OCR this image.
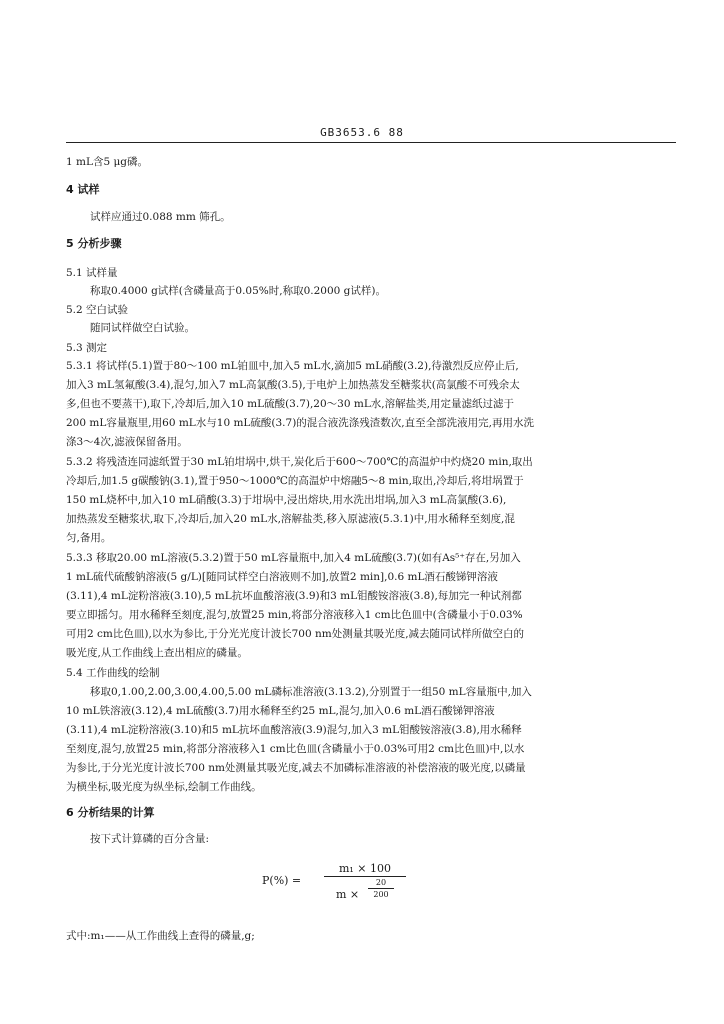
GB3653.6 88
1 mL含5 μg磷。
4 试样
试样应通过0.088 mm 筛孔。
5 分析步骤
5.1 试样量
称取0.4000 g试样(含磷量高于0.05%时,称取0.2000 g试样)。
5.2 空白试验
随同试样做空白试验。
5.3 测定
5.3.1 将试样(5.1)置于80～100 mL铂皿中,加入5 mL水,滴加5 mL硝酸(3.2),待激烈反应停止后,
加入3 mL氢氟酸(3.4),混匀,加入7 mL高氯酸(3.5),于电炉上加热蒸发至糖浆状(高氯酸不可残余太
多,但也不要蒸干),取下,冷却后,加入10 mL硫酸(3.7),20～30 mL水,溶解盐类,用定量滤纸过滤于
200 mL容量瓶里,用60 mL水与10 mL硫酸(3.7)的混合液洗涤残渣数次,直至全部洗液用完,再用水洗
涤3～4次,滤液保留备用。
5.3.2 将残渣连同滤纸置于30 mL铂坩埚中,烘干,炭化后于600～700℃的高温炉中灼烧20 min,取出
冷却后,加1.5 g碳酸钠(3.1),置于950～1000℃的高温炉中熔融5～8 min,取出,冷却后,将坩埚置于
150 mL烧杯中,加入10 mL硝酸(3.3)于坩埚中,浸出熔块,用水洗出坩埚,加入3 mL高氯酸(3.6),
加热蒸发至糖浆状,取下,冷却后,加入20 mL水,溶解盐类,移入原滤液(5.3.1)中,用水稀释至刻度,混
匀,备用。
5.3.3 移取20.00 mL溶液(5.3.2)置于50 mL容量瓶中,加入4 mL硫酸(3.7)(如有As⁵⁺存在,另加入
1 mL硫代硫酸钠溶液(5 g/L)[随同试样空白溶液则不加],放置2 min],0.6 mL酒石酸锑钾溶液
(3.11),4 mL淀粉溶液(3.10),5 mL抗坏血酸溶液(3.9)和3 mL钼酸铵溶液(3.8),每加完一种试剂都
要立即摇匀。用水稀释至刻度,混匀,放置25 min,将部分溶液移入1 cm比色皿中(含磷量小于0.03%
可用2 cm比色皿),以水为参比,于分光光度计波长700 nm处测量其吸光度,减去随同试样所做空白的
吸光度,从工作曲线上查出相应的磷量。
5.4 工作曲线的绘制
移取0,1.00,2.00,3.00,4.00,5.00 mL磷标准溶液(3.13.2),分别置于一组50 mL容量瓶中,加入
10 mL铁溶液(3.12),4 mL硫酸(3.7)用水稀释至约25 mL,混匀,加入0.6 mL酒石酸锑钾溶液
(3.11),4 mL淀粉溶液(3.10)和5 mL抗坏血酸溶液(3.9)混匀,加入3 mL钼酸铵溶液(3.8),用水稀释
至刻度,混匀,放置25 min,将部分溶液移入1 cm比色皿(含磷量小于0.03%可用2 cm比色皿)中,以水
为参比,于分光光度计波长700 nm处测量其吸光度,减去不加磷标准溶液的补偿溶液的吸光度,以磷量
为横坐标,吸光度为纵坐标,绘制工作曲线。
6 分析结果的计算
按下式计算磷的百分含量:
P(%) =
m₁ × 100
m ×
20
200
式中:m₁——从工作曲线上查得的磷量,g;
